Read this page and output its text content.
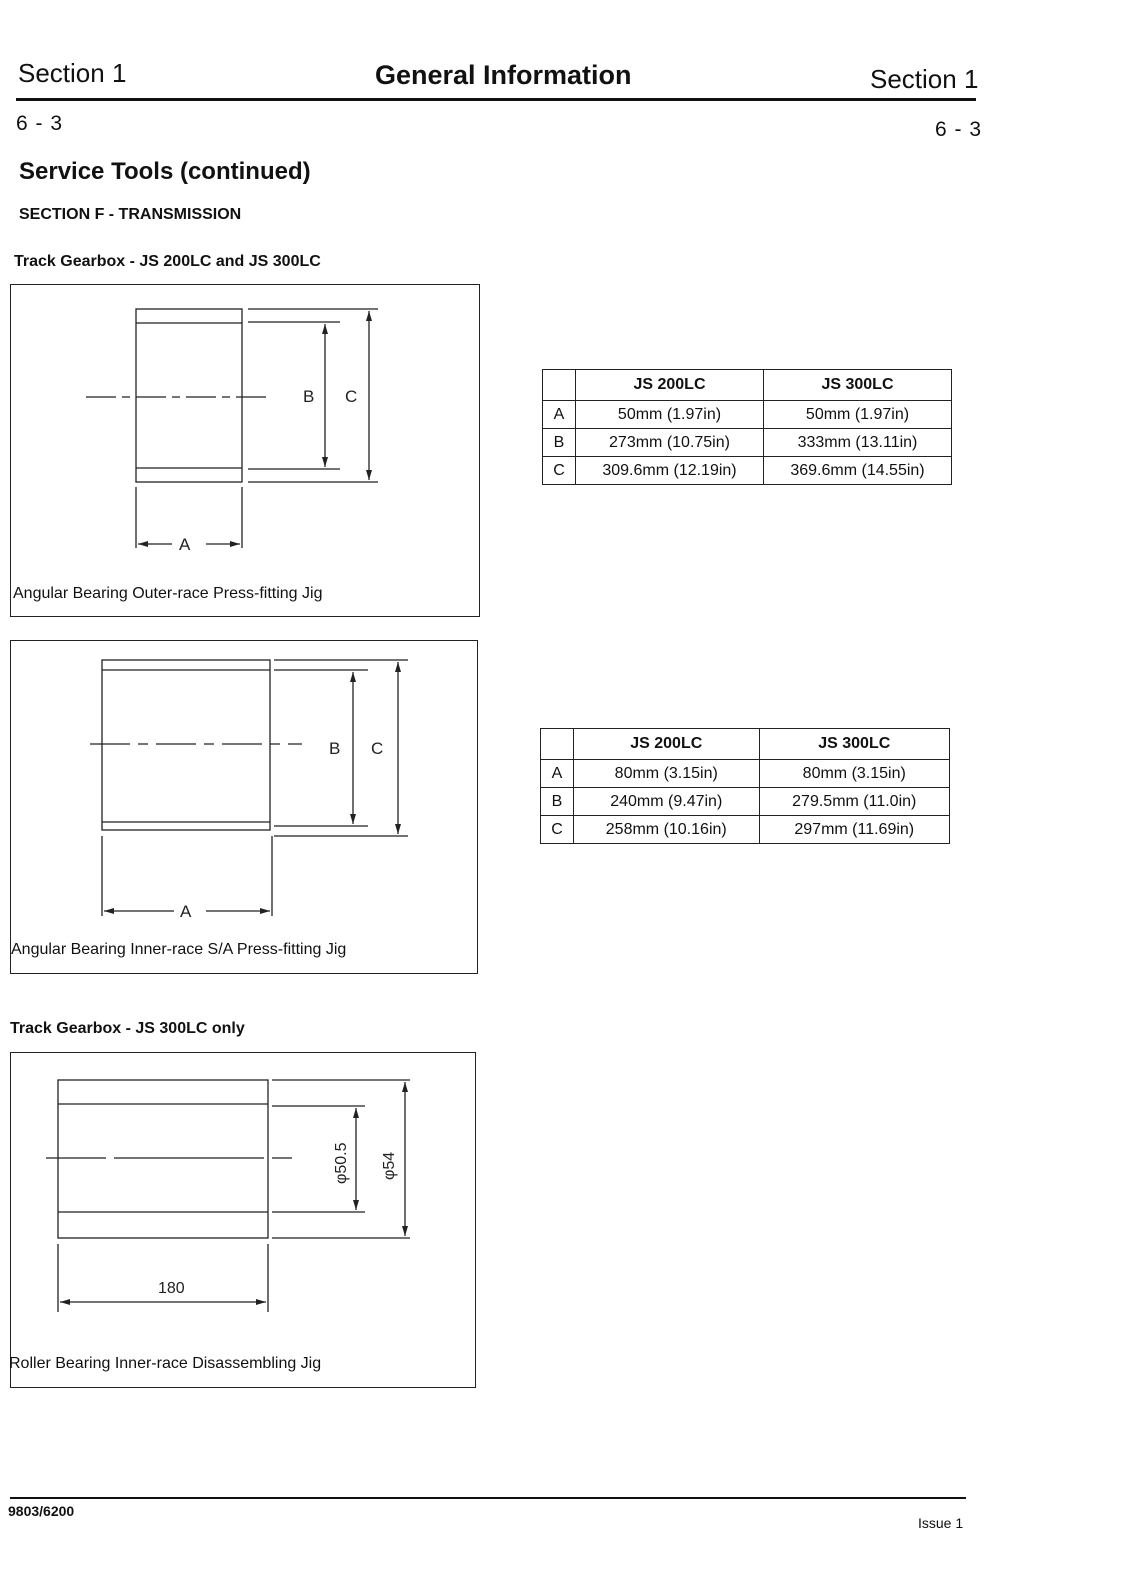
Section 1	General Information	Section 1
6 - 3	6 - 3
Service Tools (continued)
SECTION F - TRANSMISSION
Track Gearbox - JS 200LC and JS 300LC
B C
A
Angular Bearing Outer-race Press-fitting Jig
	JS 200LC	JS 300LC
A	50mm (1.97in)	50mm (1.97in)
B	273mm (10.75in)	333mm (13.11in)
C	309.6mm (12.19in)	369.6mm (14.55in)
B C
A
Angular Bearing Inner-race S/A Press-fitting Jig
	JS 200LC	JS 300LC
A	80mm (3.15in)	80mm (3.15in)
B	240mm (9.47in)	279.5mm (11.0in)
C	258mm (10.16in)	297mm (11.69in)
Track Gearbox - JS 300LC only
180
φ50.5 φ54
Roller Bearing Inner-race Disassembling Jig
9803/6200
Issue 1
